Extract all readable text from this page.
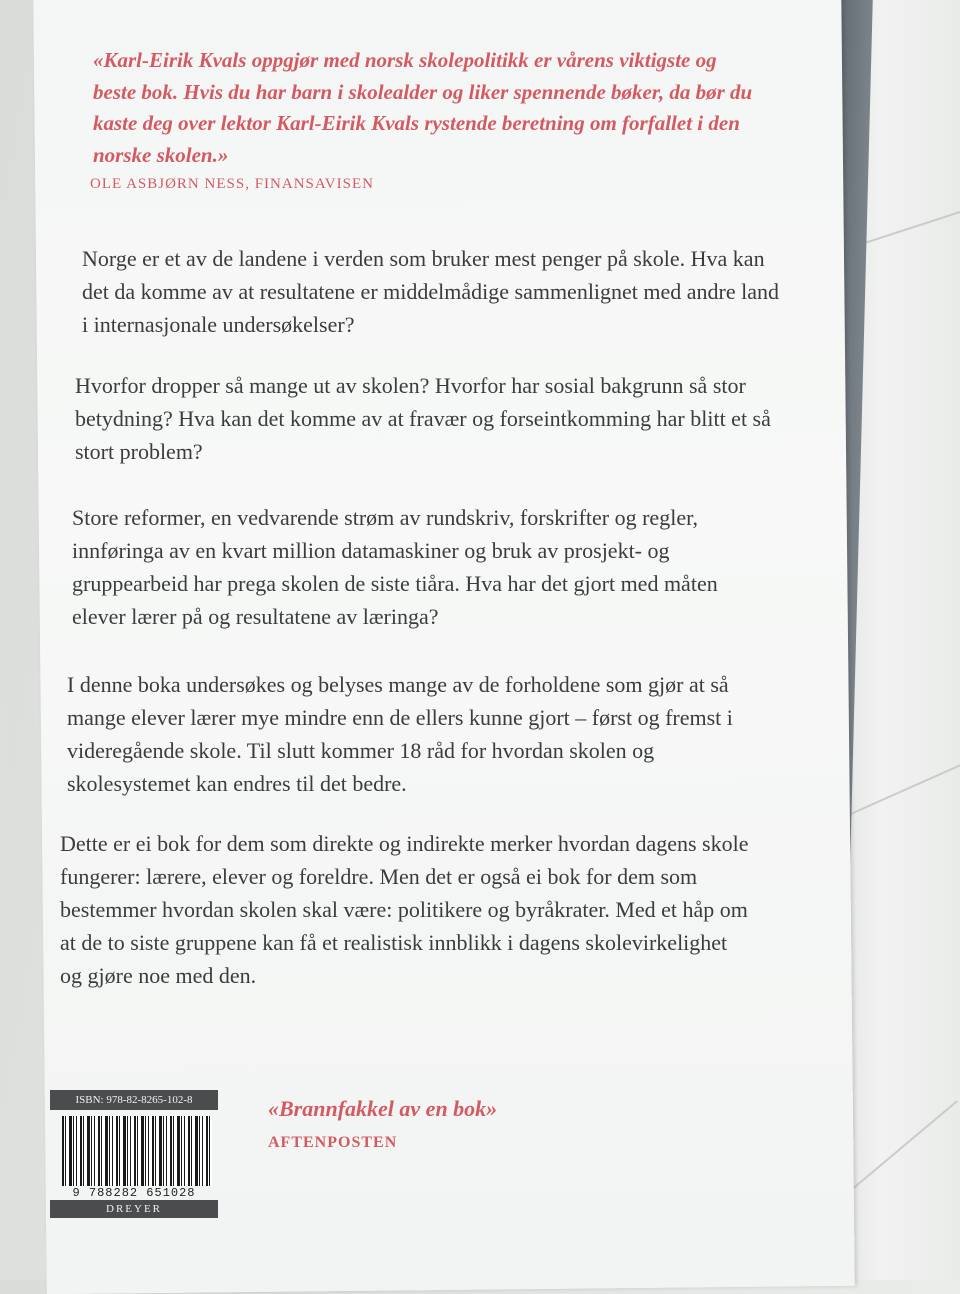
«Karl-Eirik Kvals oppgjør med norsk skolepolitikk er vårens viktigste og beste bok. Hvis du har barn i skolealder og liker spennende bøker, da bør du kaste deg over lektor Karl-Eirik Kvals rystende beretning om forfallet i den norske skolen.»
OLE ASBJØRN NESS, FINANSAVISEN

Norge er et av de landene i verden som bruker mest penger på skole. Hva kan det da komme av at resultatene er middelmådige sammenlignet med andre land i internasjonale undersøkelser?

Hvorfor dropper så mange ut av skolen? Hvorfor har sosial bakgrunn så stor betydning? Hva kan det komme av at fravær og forseintkomming har blitt et så stort problem?

Store reformer, en vedvarende strøm av rundskriv, forskrifter og regler, innføringa av en kvart million datamaskiner og bruk av prosjekt- og gruppearbeid har prega skolen de siste tiåra. Hva har det gjort med måten elever lærer på og resultatene av læringa?

I denne boka undersøkes og belyses mange av de forholdene som gjør at så mange elever lærer mye mindre enn de ellers kunne gjort – først og fremst i videregående skole. Til slutt kommer 18 råd for hvordan skolen og skolesystemet kan endres til det bedre.

Dette er ei bok for dem som direkte og indirekte merker hvordan dagens skole fungerer: lærere, elever og foreldre. Men det er også ei bok for dem som bestemmer hvordan skolen skal være: politikere og byråkrater. Med et håp om at de to siste gruppene kan få et realistisk innblikk i dagens skolevirkelighet og gjøre noe med den.

ISBN: 978-82-8265-102-8
9 788282 651028
DREYER
«Brannfakkel av en bok»
AFTENPOSTEN
